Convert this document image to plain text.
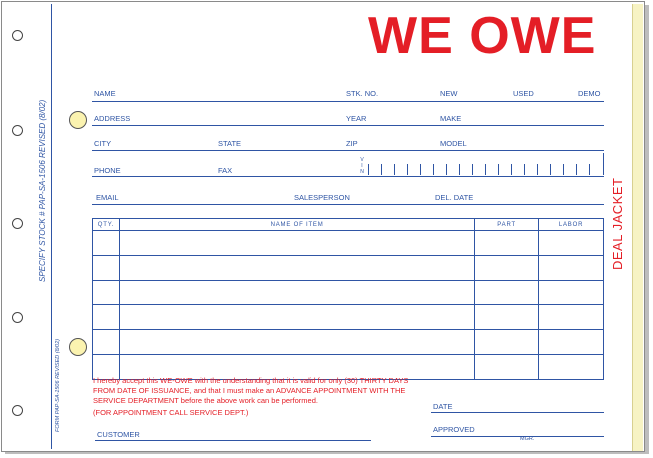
SPECIFY STOCK # PAP-SA-1506 REVISED (8/02)
FORM PAP-SA-1506 REVISED (8/02)
WE OWE
DEAL JACKET
NAME	STK. NO.	NEW	USED	DEMO
ADDRESS	YEAR	MAKE
CITY	STATE	ZIP	MODEL
PHONE	FAX
V
I
N
EMAIL	SALESPERSON	DEL. DATE
QTY.	NAME OF ITEM	PART	LABOR

I hereby accept this WE-OWE with the understanding that it is valid for only (30) THIRTY DAYS FROM DATE OF ISSUANCE, and that I must make an ADVANCE APPOINTMENT WITH THE SERVICE DEPARTMENT before the above work can be performed.
(FOR APPOINTMENT CALL SERVICE DEPT.)
DATE
CUSTOMER
APPROVED
MGR.
